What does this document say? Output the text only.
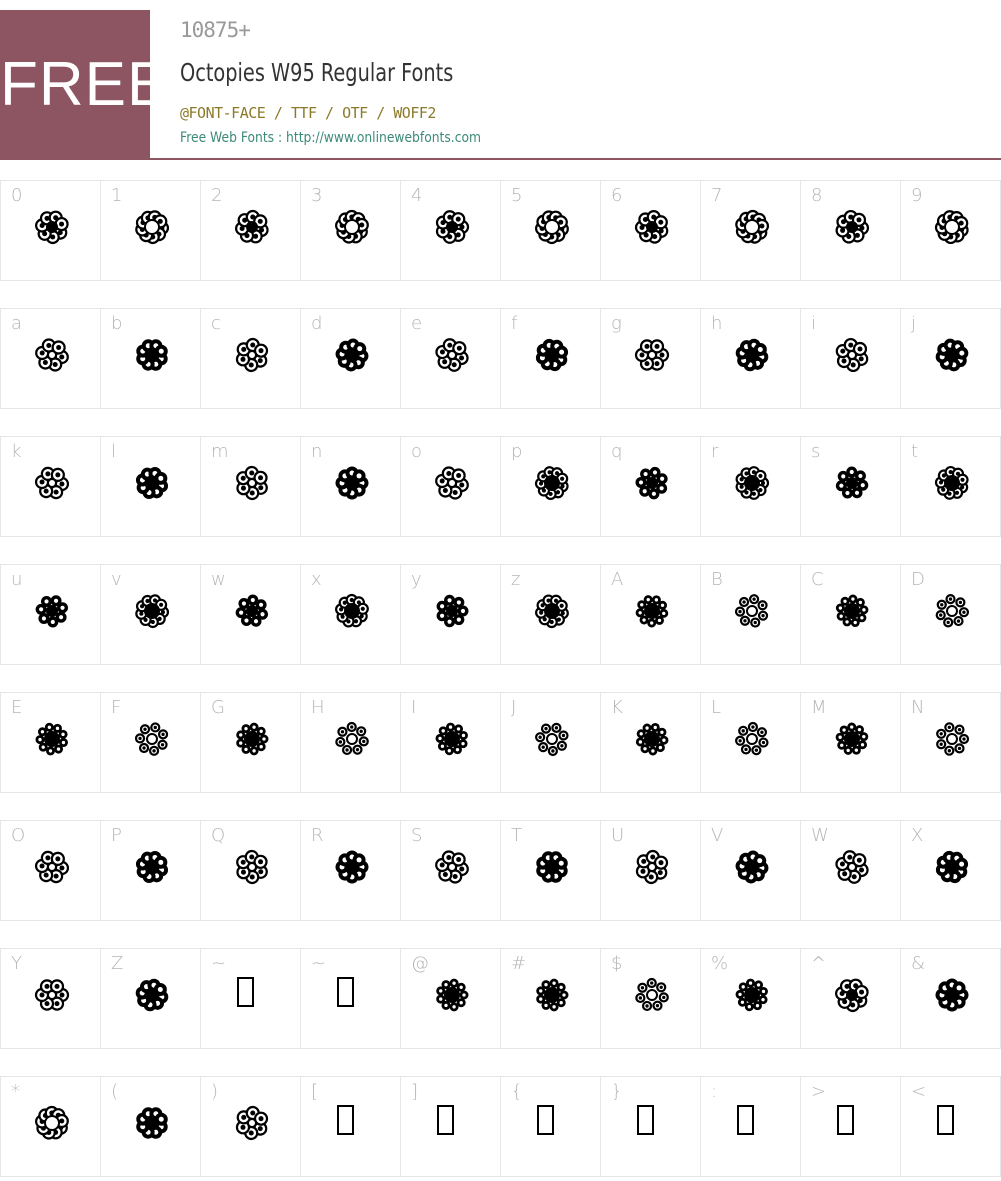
FREE
10875+
Octopies W95 Regular Fonts
@FONT-FACE / TTF / OTF / WOFF2
Free Web Fonts : http://www.onlinewebfonts.com
0	1	2	3	4	5	6	7	8	9
a	b	c	d	e	f	g	h	i	j
k	l	m	n	o	p	q	r	s	t
u	v	w	x	y	z	A	B	C	D
E	F	G	H	I	J	K	L	M	N
O	P	Q	R	S	T	U	V	W	X
Y	Z	~	~	@	#	$	%	^	&
*	(	)	[	]	{	}	:	>	<
